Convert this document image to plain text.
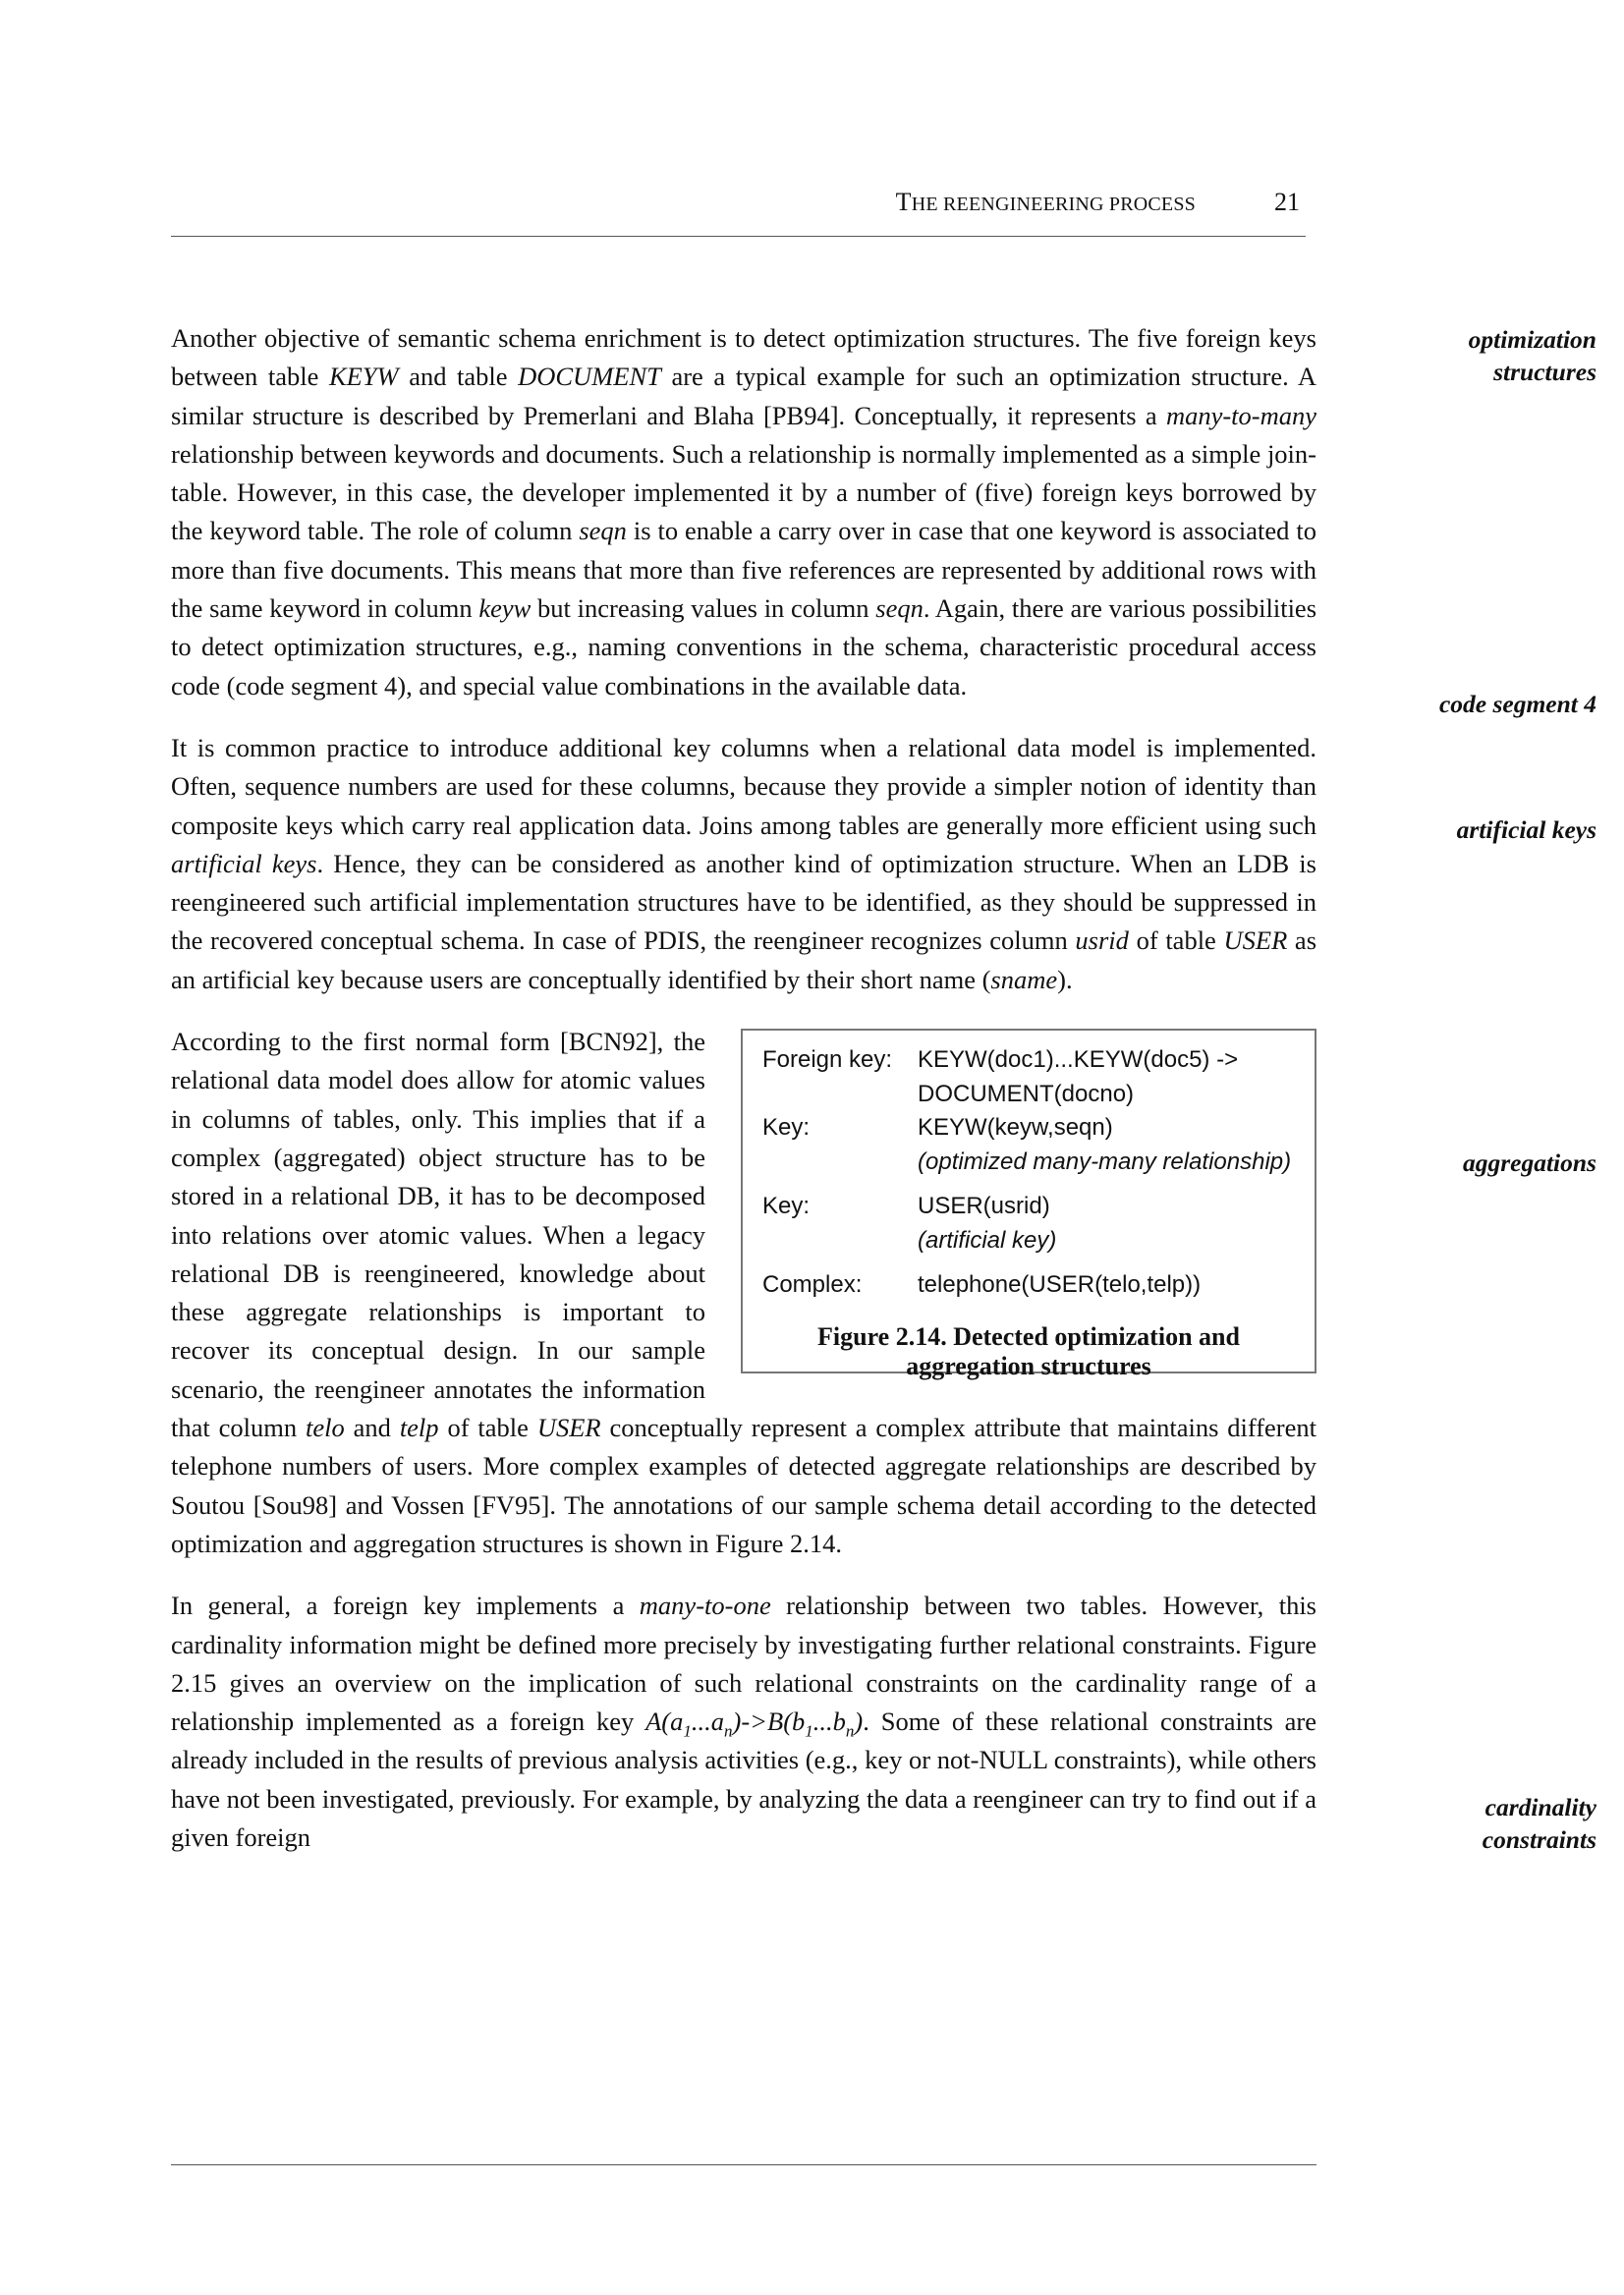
THE REENGINEERING PROCESS	21

Another objective of semantic schema enrichment is to detect optimization structures. The five foreign keys between table KEYW and table DOCUMENT are a typical example for such an optimization structure. A similar structure is described by Premerlani and Blaha [PB94]. Conceptually, it represents a many-to-many relationship between keywords and documents. Such a relationship is normally implemented as a simple join-table. However, in this case, the developer implemented it by a number of (five) foreign keys borrowed by the keyword table. The role of column seqn is to enable a carry over in case that one keyword is associated to more than five documents. This means that more than five references are represented by additional rows with the same keyword in column keyw but increasing values in column seqn. Again, there are various possibilities to detect optimization structures, e.g., naming conventions in the schema, characteristic procedural access code (code segment 4), and special value combinations in the available data.

It is common practice to introduce additional key columns when a relational data model is implemented. Often, sequence numbers are used for these columns, because they provide a simpler notion of identity than composite keys which carry real application data. Joins among tables are generally more efficient using such artificial keys. Hence, they can be considered as another kind of optimization structure. When an LDB is reengineered such artificial implementation structures have to be identified, as they should be suppressed in the recovered conceptual schema. In case of PDIS, the reengineer recognizes column usrid of table USER as an artificial key because users are conceptually identified by their short name (sname).

Foreign key:	KEYW(doc1)...KEYW(doc5) ->
DOCUMENT(docno)
Key:	KEYW(keyw,seqn)
(optimized many-many relationship)
Key:	USER(usrid)
(artificial key)
Complex:	telephone(USER(telo,telp))
Figure 2.14. Detected optimization and
aggregation structures
According to the first normal form [BCN92], the relational data model does allow for atomic values in columns of tables, only. This implies that if a complex (aggregated) object structure has to be stored in a relational DB, it has to be decomposed into relations over atomic values. When a legacy relational DB is reengineered, knowledge about these aggregate relationships is important to recover its conceptual design. In our sample scenario, the reengineer annotates the information that column telo and telp of table USER conceptually represent a complex attribute that maintains different telephone numbers of users. More complex examples of detected aggregate relationships are described by Soutou [Sou98] and Vossen [FV95]. The annotations of our sample schema detail according to the detected optimization and aggregation structures is shown in Figure 2.14.

In general, a foreign key implements a many-to-one relationship between two tables. However, this cardinality information might be defined more precisely by investigating further relational constraints. Figure 2.15 gives an overview on the implication of such relational constraints on the cardinality range of a relationship implemented as a foreign key $A(a_1...a_n)->B(b_1...b_n)$. Some of these relational constraints are already included in the results of previous analysis activities (e.g., key or not-NULL constraints), while others have not been investigated, previously. For example, by analyzing the data a reengineer can try to find out if a given foreign

optimization
structures
code segment 4
artificial keys
aggregations
cardinality
constraints
